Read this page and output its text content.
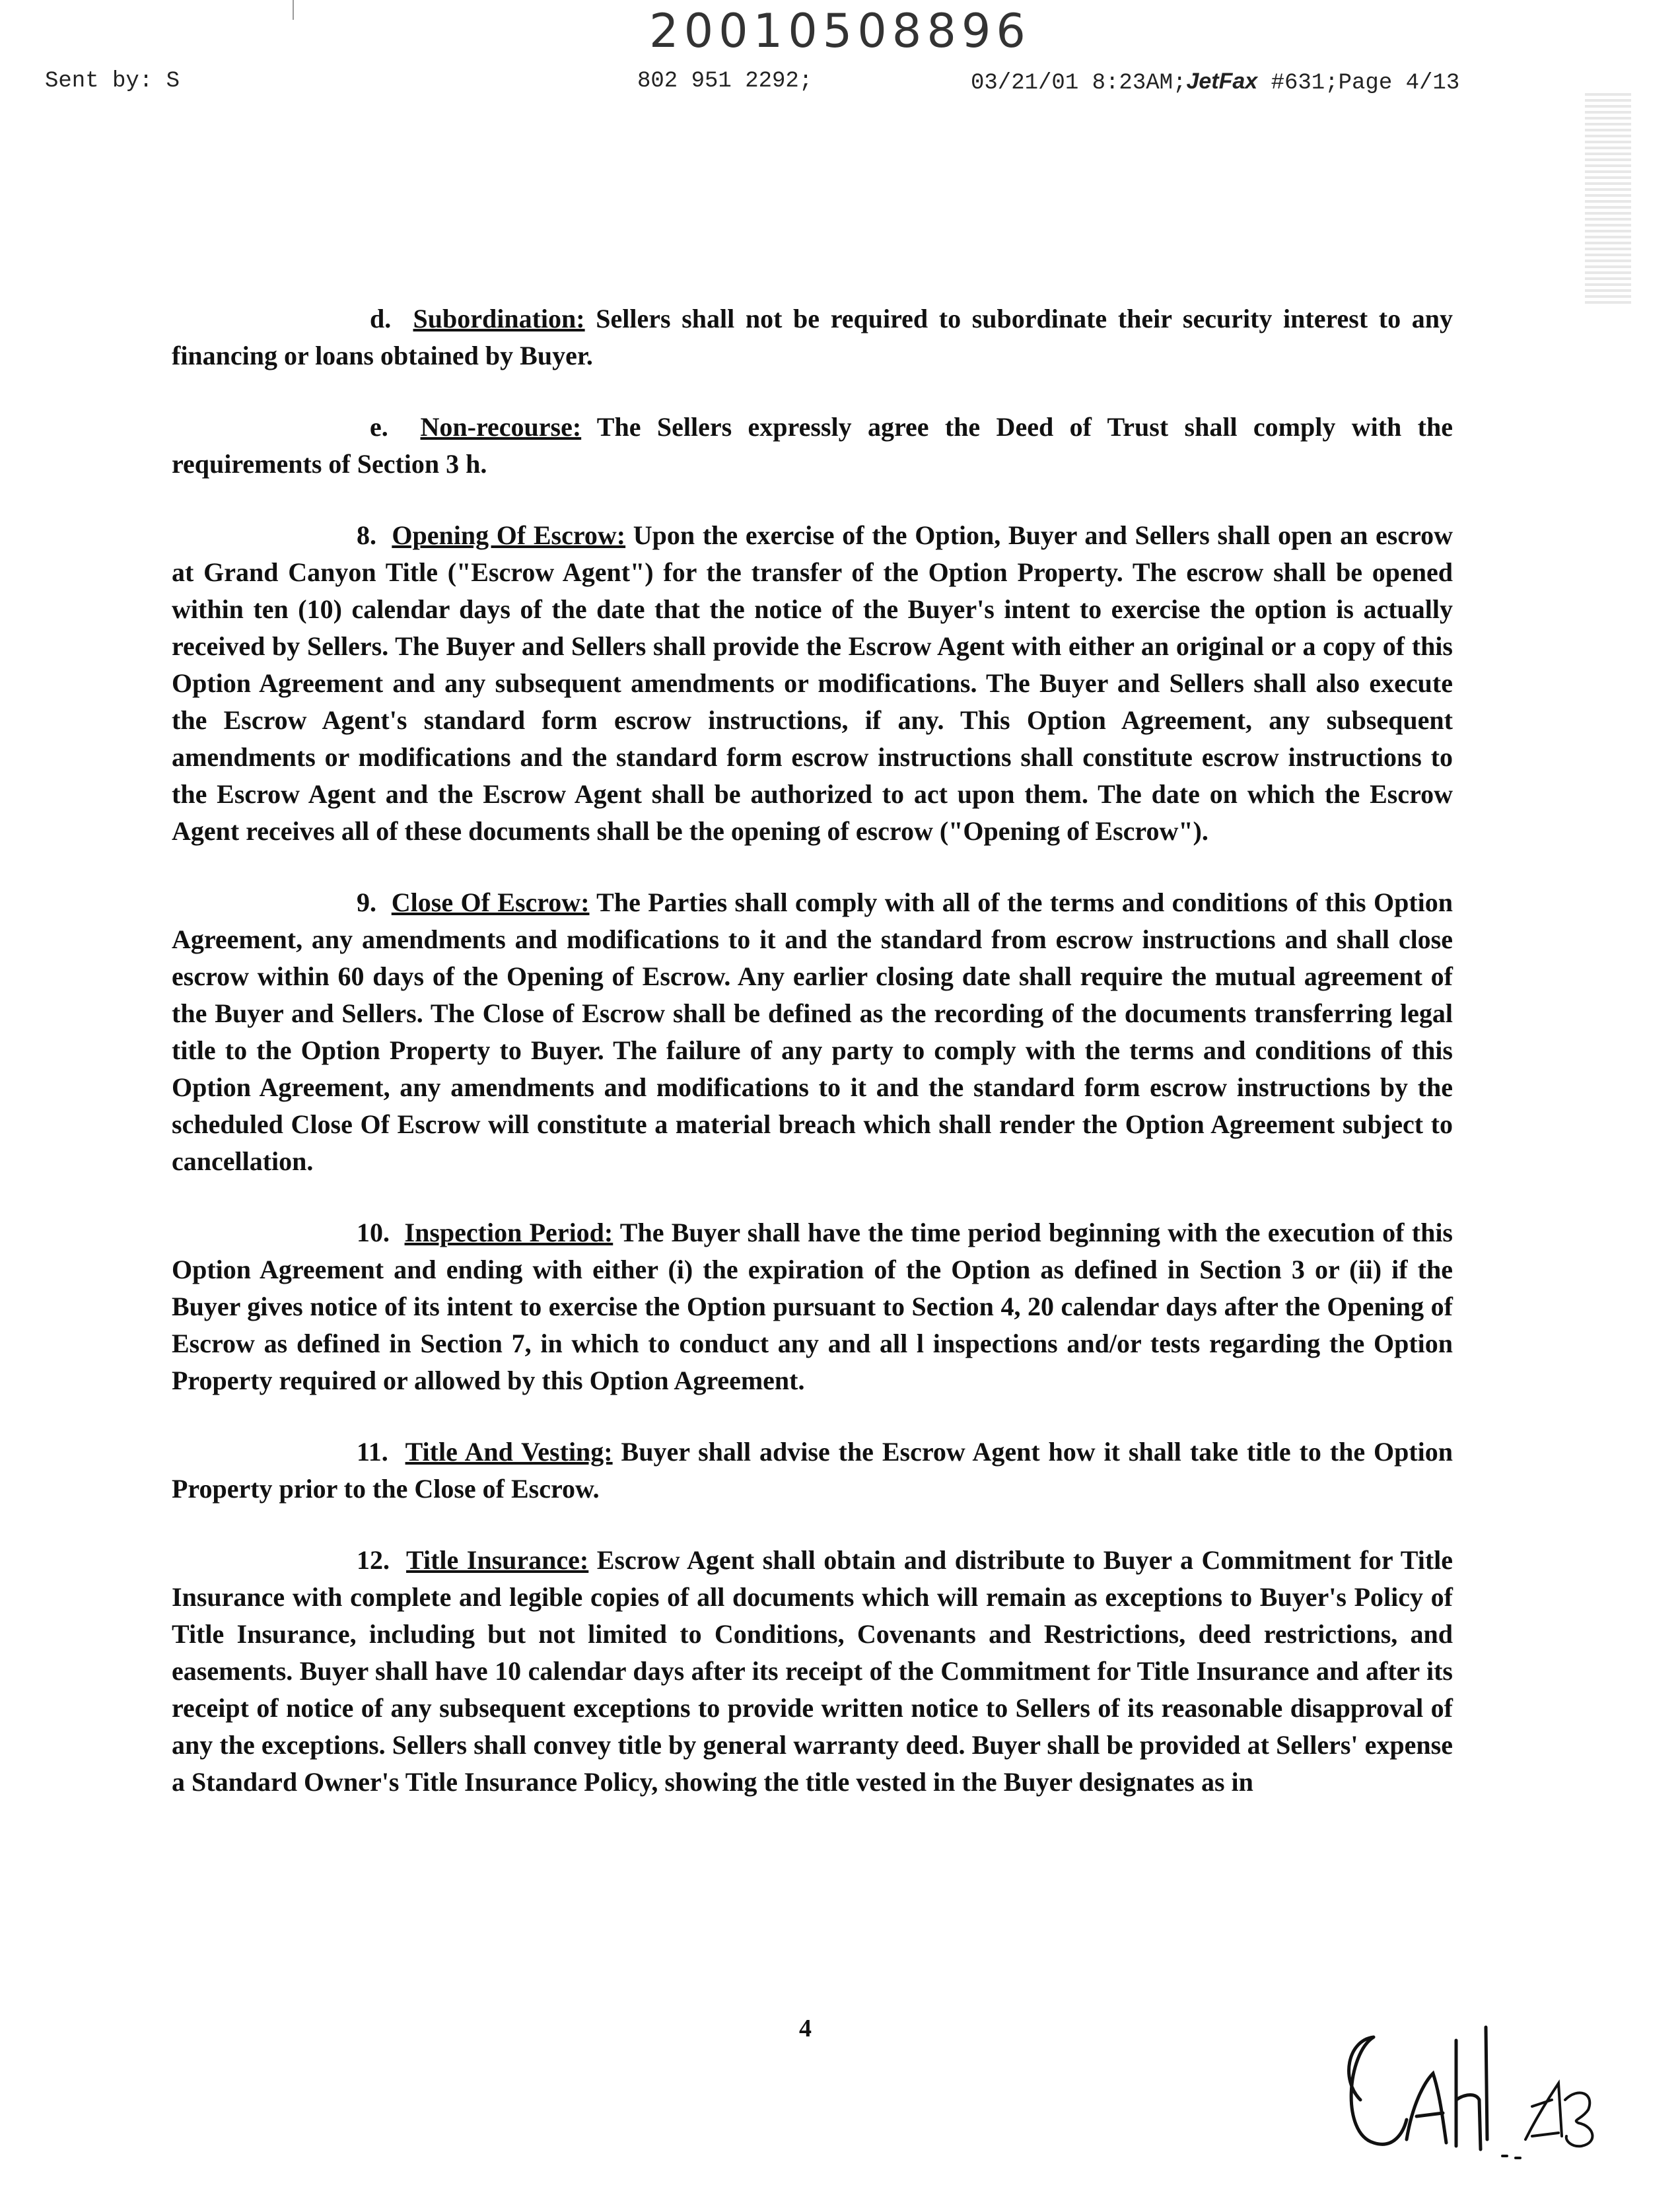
20010508896
Sent by: S	802 951 2292;	03/21/01 8:23AM;JetFax #631;Page 4/13

d. Subordination: Sellers shall not be required to subordinate their security interest to any financing or loans obtained by Buyer.

e. Non-recourse: The Sellers expressly agree the Deed of Trust shall comply with the requirements of Section 3 h.

8. Opening Of Escrow: Upon the exercise of the Option, Buyer and Sellers shall open an escrow at Grand Canyon Title ("Escrow Agent") for the transfer of the Option Property. The escrow shall be opened within ten (10) calendar days of the date that the notice of the Buyer's intent to exercise the option is actually received by Sellers. The Buyer and Sellers shall provide the Escrow Agent with either an original or a copy of this Option Agreement and any subsequent amendments or modifications. The Buyer and Sellers shall also execute the Escrow Agent's standard form escrow instructions, if any. This Option Agreement, any subsequent amendments or modifications and the standard form escrow instructions shall constitute escrow instructions to the Escrow Agent and the Escrow Agent shall be authorized to act upon them. The date on which the Escrow Agent receives all of these documents shall be the opening of escrow ("Opening of Escrow").

9. Close Of Escrow: The Parties shall comply with all of the terms and conditions of this Option Agreement, any amendments and modifications to it and the standard from escrow instructions and shall close escrow within 60 days of the Opening of Escrow. Any earlier closing date shall require the mutual agreement of the Buyer and Sellers. The Close of Escrow shall be defined as the recording of the documents transferring legal title to the Option Property to Buyer. The failure of any party to comply with the terms and conditions of this Option Agreement, any amendments and modifications to it and the standard form escrow instructions by the scheduled Close Of Escrow will constitute a material breach which shall render the Option Agreement subject to cancellation.

10. Inspection Period: The Buyer shall have the time period beginning with the execution of this Option Agreement and ending with either (i) the expiration of the Option as defined in Section 3 or (ii) if the Buyer gives notice of its intent to exercise the Option pursuant to Section 4, 20 calendar days after the Opening of Escrow as defined in Section 7, in which to conduct any and all l inspections and/or tests regarding the Option Property required or allowed by this Option Agreement.

11. Title And Vesting: Buyer shall advise the Escrow Agent how it shall take title to the Option Property prior to the Close of Escrow.

12. Title Insurance: Escrow Agent shall obtain and distribute to Buyer a Commitment for Title Insurance with complete and legible copies of all documents which will remain as exceptions to Buyer's Policy of Title Insurance, including but not limited to Conditions, Covenants and Restrictions, deed restrictions, and easements. Buyer shall have 10 calendar days after its receipt of the Commitment for Title Insurance and after its receipt of notice of any subsequent exceptions to provide written notice to Sellers of its reasonable disapproval of any the exceptions. Sellers shall convey title by general warranty deed. Buyer shall be provided at Sellers' expense a Standard Owner's Title Insurance Policy, showing the title vested in the Buyer designates as in

4
